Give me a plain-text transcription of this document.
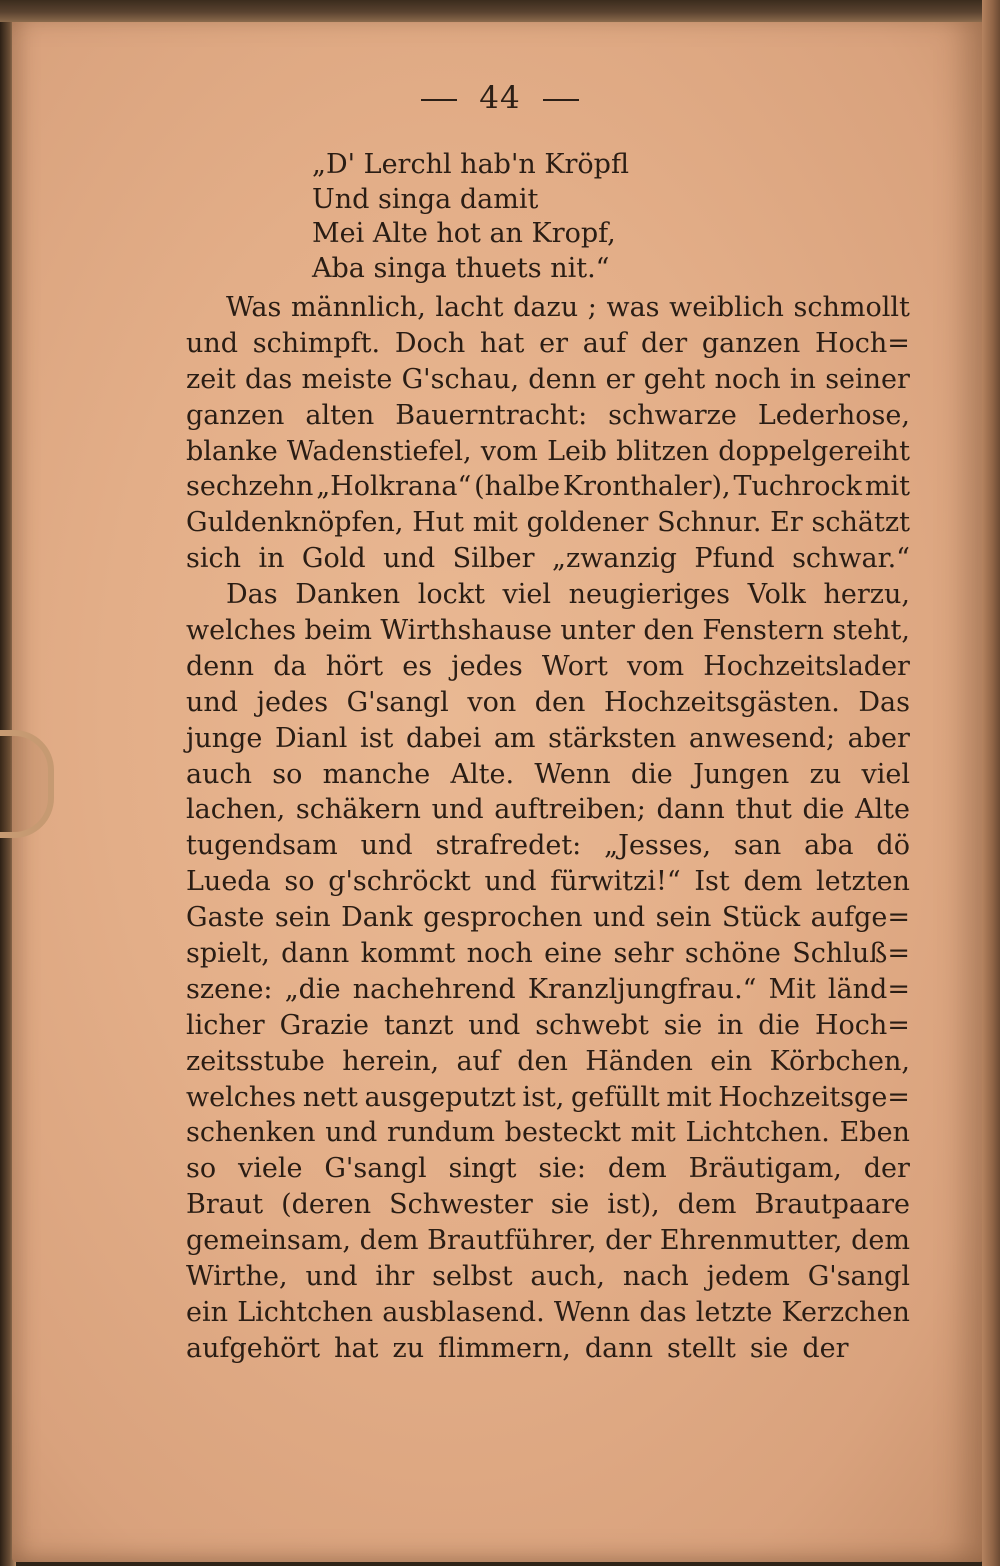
44
„D' Lerchl hab'n Kröpfl
Und singa damit
Mei Alte hot an Kropf,
Aba singa thuets nit.“
Was männlich, lacht dazu ; was weiblich schmollt
und schimpft. Doch hat er auf der ganzen Hoch=
zeit das meiste G'schau, denn er geht noch in seiner
ganzen alten Bauerntracht: schwarze Lederhose,
blanke Wadenstiefel, vom Leib blitzen doppelgereiht
sechzehn „Holkrana“ (halbe Kronthaler), Tuchrock mit
Guldenknöpfen, Hut mit goldener Schnur. Er schätzt
sich in Gold und Silber „zwanzig Pfund schwar.“
Das Danken lockt viel neugieriges Volk herzu,
welches beim Wirthshause unter den Fenstern steht,
denn da hört es jedes Wort vom Hochzeitslader
und jedes G'sangl von den Hochzeitsgästen. Das
junge Dianl ist dabei am stärksten anwesend; aber
auch so manche Alte. Wenn die Jungen zu viel
lachen, schäkern und auftreiben; dann thut die Alte
tugendsam und strafredet: „Jesses, san aba dö
Lueda so g'schröckt und fürwitzi!“ Ist dem letzten
Gaste sein Dank gesprochen und sein Stück aufge=
spielt, dann kommt noch eine sehr schöne Schluß=
szene: „die nachehrend Kranzljungfrau.“ Mit länd=
licher Grazie tanzt und schwebt sie in die Hoch=
zeitsstube herein, auf den Händen ein Körbchen,
welches nett ausgeputzt ist, gefüllt mit Hochzeitsge=
schenken und rundum besteckt mit Lichtchen. Eben
so viele G'sangl singt sie: dem Bräutigam, der
Braut (deren Schwester sie ist), dem Brautpaare
gemeinsam, dem Brautführer, der Ehrenmutter, dem
Wirthe, und ihr selbst auch, nach jedem G'sangl
ein Lichtchen ausblasend. Wenn das letzte Kerzchen
aufgehört hat zu flimmern, dann stellt sie der
